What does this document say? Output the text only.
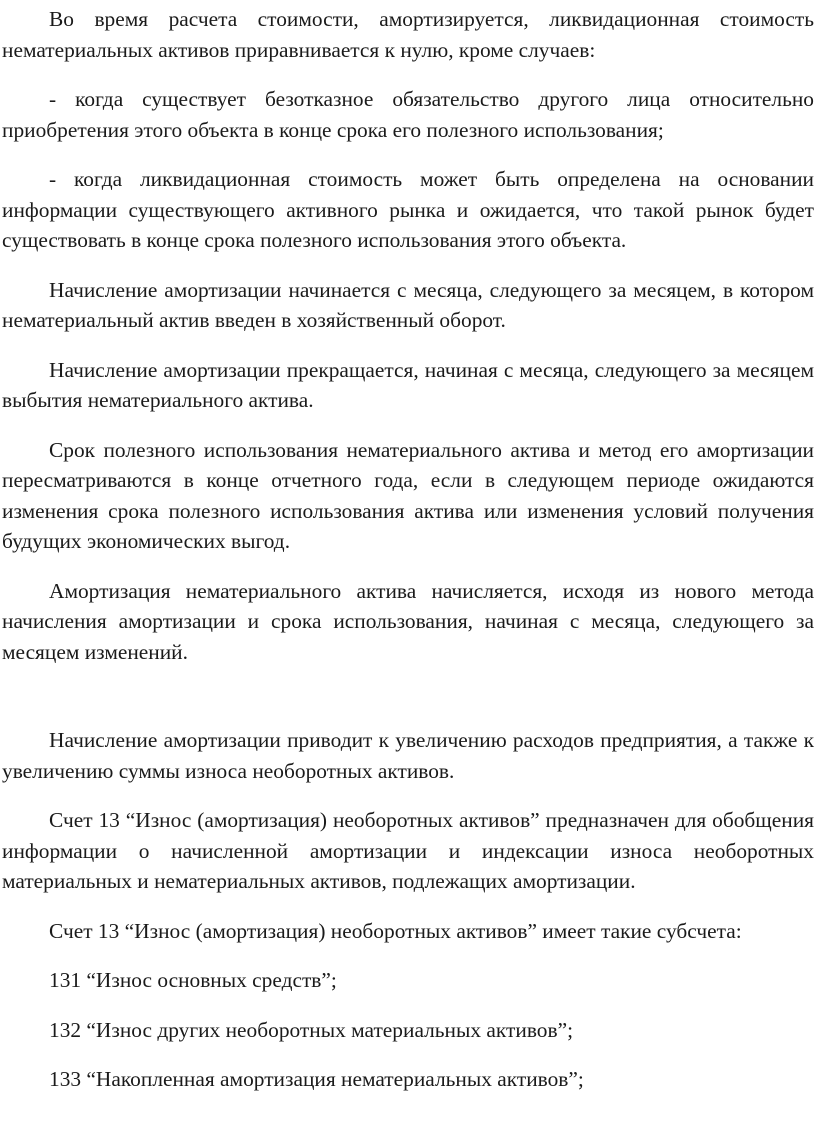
Во время расчета стоимости, амортизируется, ликвидационная стоимость нематериальных активов приравнивается к нулю, кроме случаев:

- когда существует безотказное обязательство другого лица относительно приобретения этого объекта в конце срока его полезного использования;

- когда ликвидационная стоимость может быть определена на основании информации существующего активного рынка и ожидается, что такой рынок будет существовать в конце срока полезного использования этого объекта.

Начисление амортизации начинается с месяца, следующего за месяцем, в котором нематериальный актив введен в хозяйственный оборот.

Начисление амортизации прекращается, начиная с месяца, следующего за месяцем выбытия нематериального актива.

Срок полезного использования нематериального актива и метод его амортизации пересматриваются в конце отчетного года, если в следующем периоде ожидаются изменения срока полезного использования актива или изменения условий получения будущих экономических выгод.

Амортизация нематериального актива начисляется, исходя из нового метода начисления амортизации и срока использования, начиная с месяца, следующего за месяцем изменений.

Начисление амортизации приводит к увеличению расходов предприятия, а также к увеличению суммы износа необоротных активов.

Счет 13 “Износ (амортизация) необоротных активов” предназначен для обобщения информации о начисленной амортизации и индексации износа необоротных материальных и нематериальных активов, подлежащих амортизации.

Счет 13 “Износ (амортизация) необоротных активов” имеет такие субсчета:

131 “Износ основных средств”;

132 “Износ других необоротных материальных активов”;

133 “Накопленная амортизация нематериальных активов”;
